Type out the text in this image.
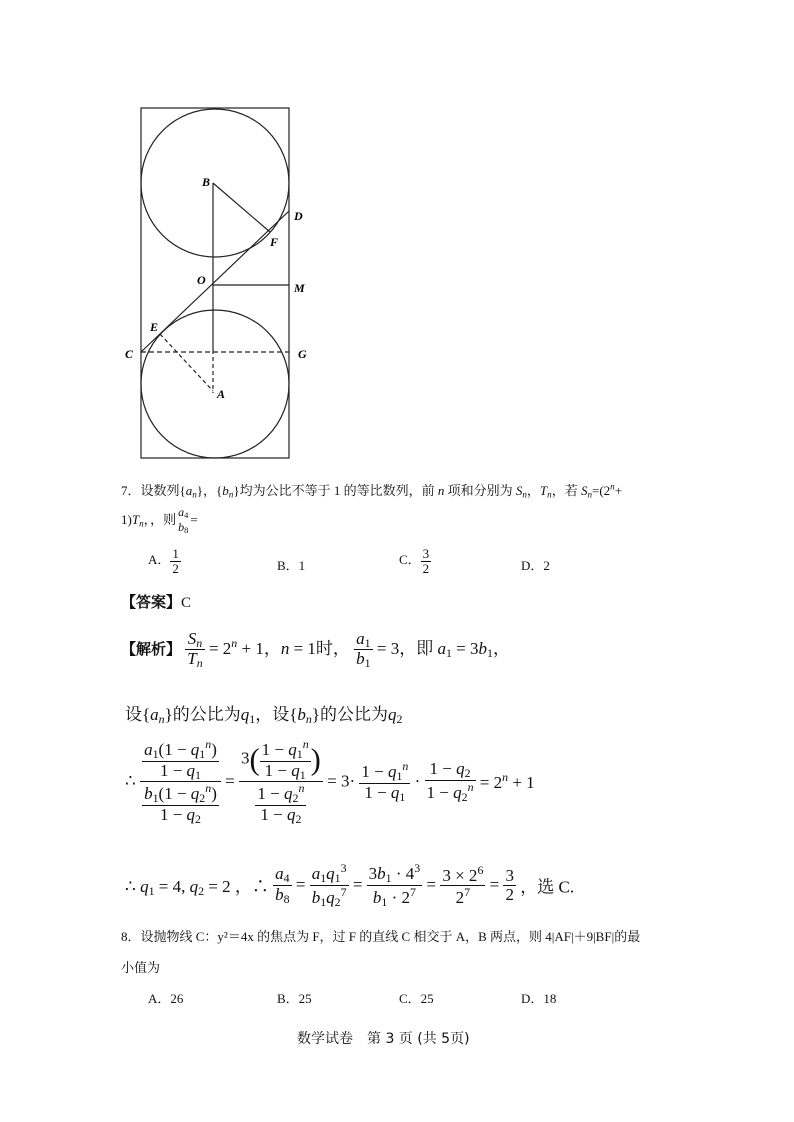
B
D
F
O
M
E
C	G
A
7．设数列$\{a_n\}$，$\{b_n\}$均为公比不等于 1 的等比数列，前 n 项和分别为 $S_n$，$T_n$，若 $S_n=(2^n+$
$1)T_n$，，则 $a_4$
$b_8$
=
A． $\frac{1}{2}$	B．1	C． $\frac{3}{2}$	D．2
【答案】C
【解析】 $\frac{S_n}{T_n} = 2^n + 1$，n = 1时， $\frac{a_1}{b_1} = 3$，即 $a_1 = 3b_1$，
设$\{a_n\}$的公比为$q_1$，设$\{b_n\}$的公比为$q_2$
∴ $\frac{\frac{a_1(1 - q_1^n)}{1 - q_1}}{\frac{b_1(1 - q_2^n)}{1 - q_2}} = \frac{3( \frac{1 - q_1^n}{1 - q_1} )}{\frac{1 - q_2^n}{1 - q_2}} = 3\cdot \frac{1 - q_1^n}{1 - q_1} \cdot \frac{1 - q_2}{1 - q_2^n} = 2^n + 1$
∴ $q_1 = 4$, $q_2 = 2$ ，∴ $\frac{a_4}{b_8} = \frac{a_1q_1^3}{b_1q_2^7} = \frac{3b_1 \cdot 4^3}{b_1 \cdot 2^7} = \frac{3 \times 2^6}{2^7} = \frac{3}{2}$ ，选 C.
8．设抛物线 C：y²＝4x 的焦点为 F，过 F 的直线 C 相交于 A，B 两点，则 4|AF|＋9|BF|的最
小值为
A．26	B．25	C．25	D．18
数学试卷　第 3 页 (共 5页)
